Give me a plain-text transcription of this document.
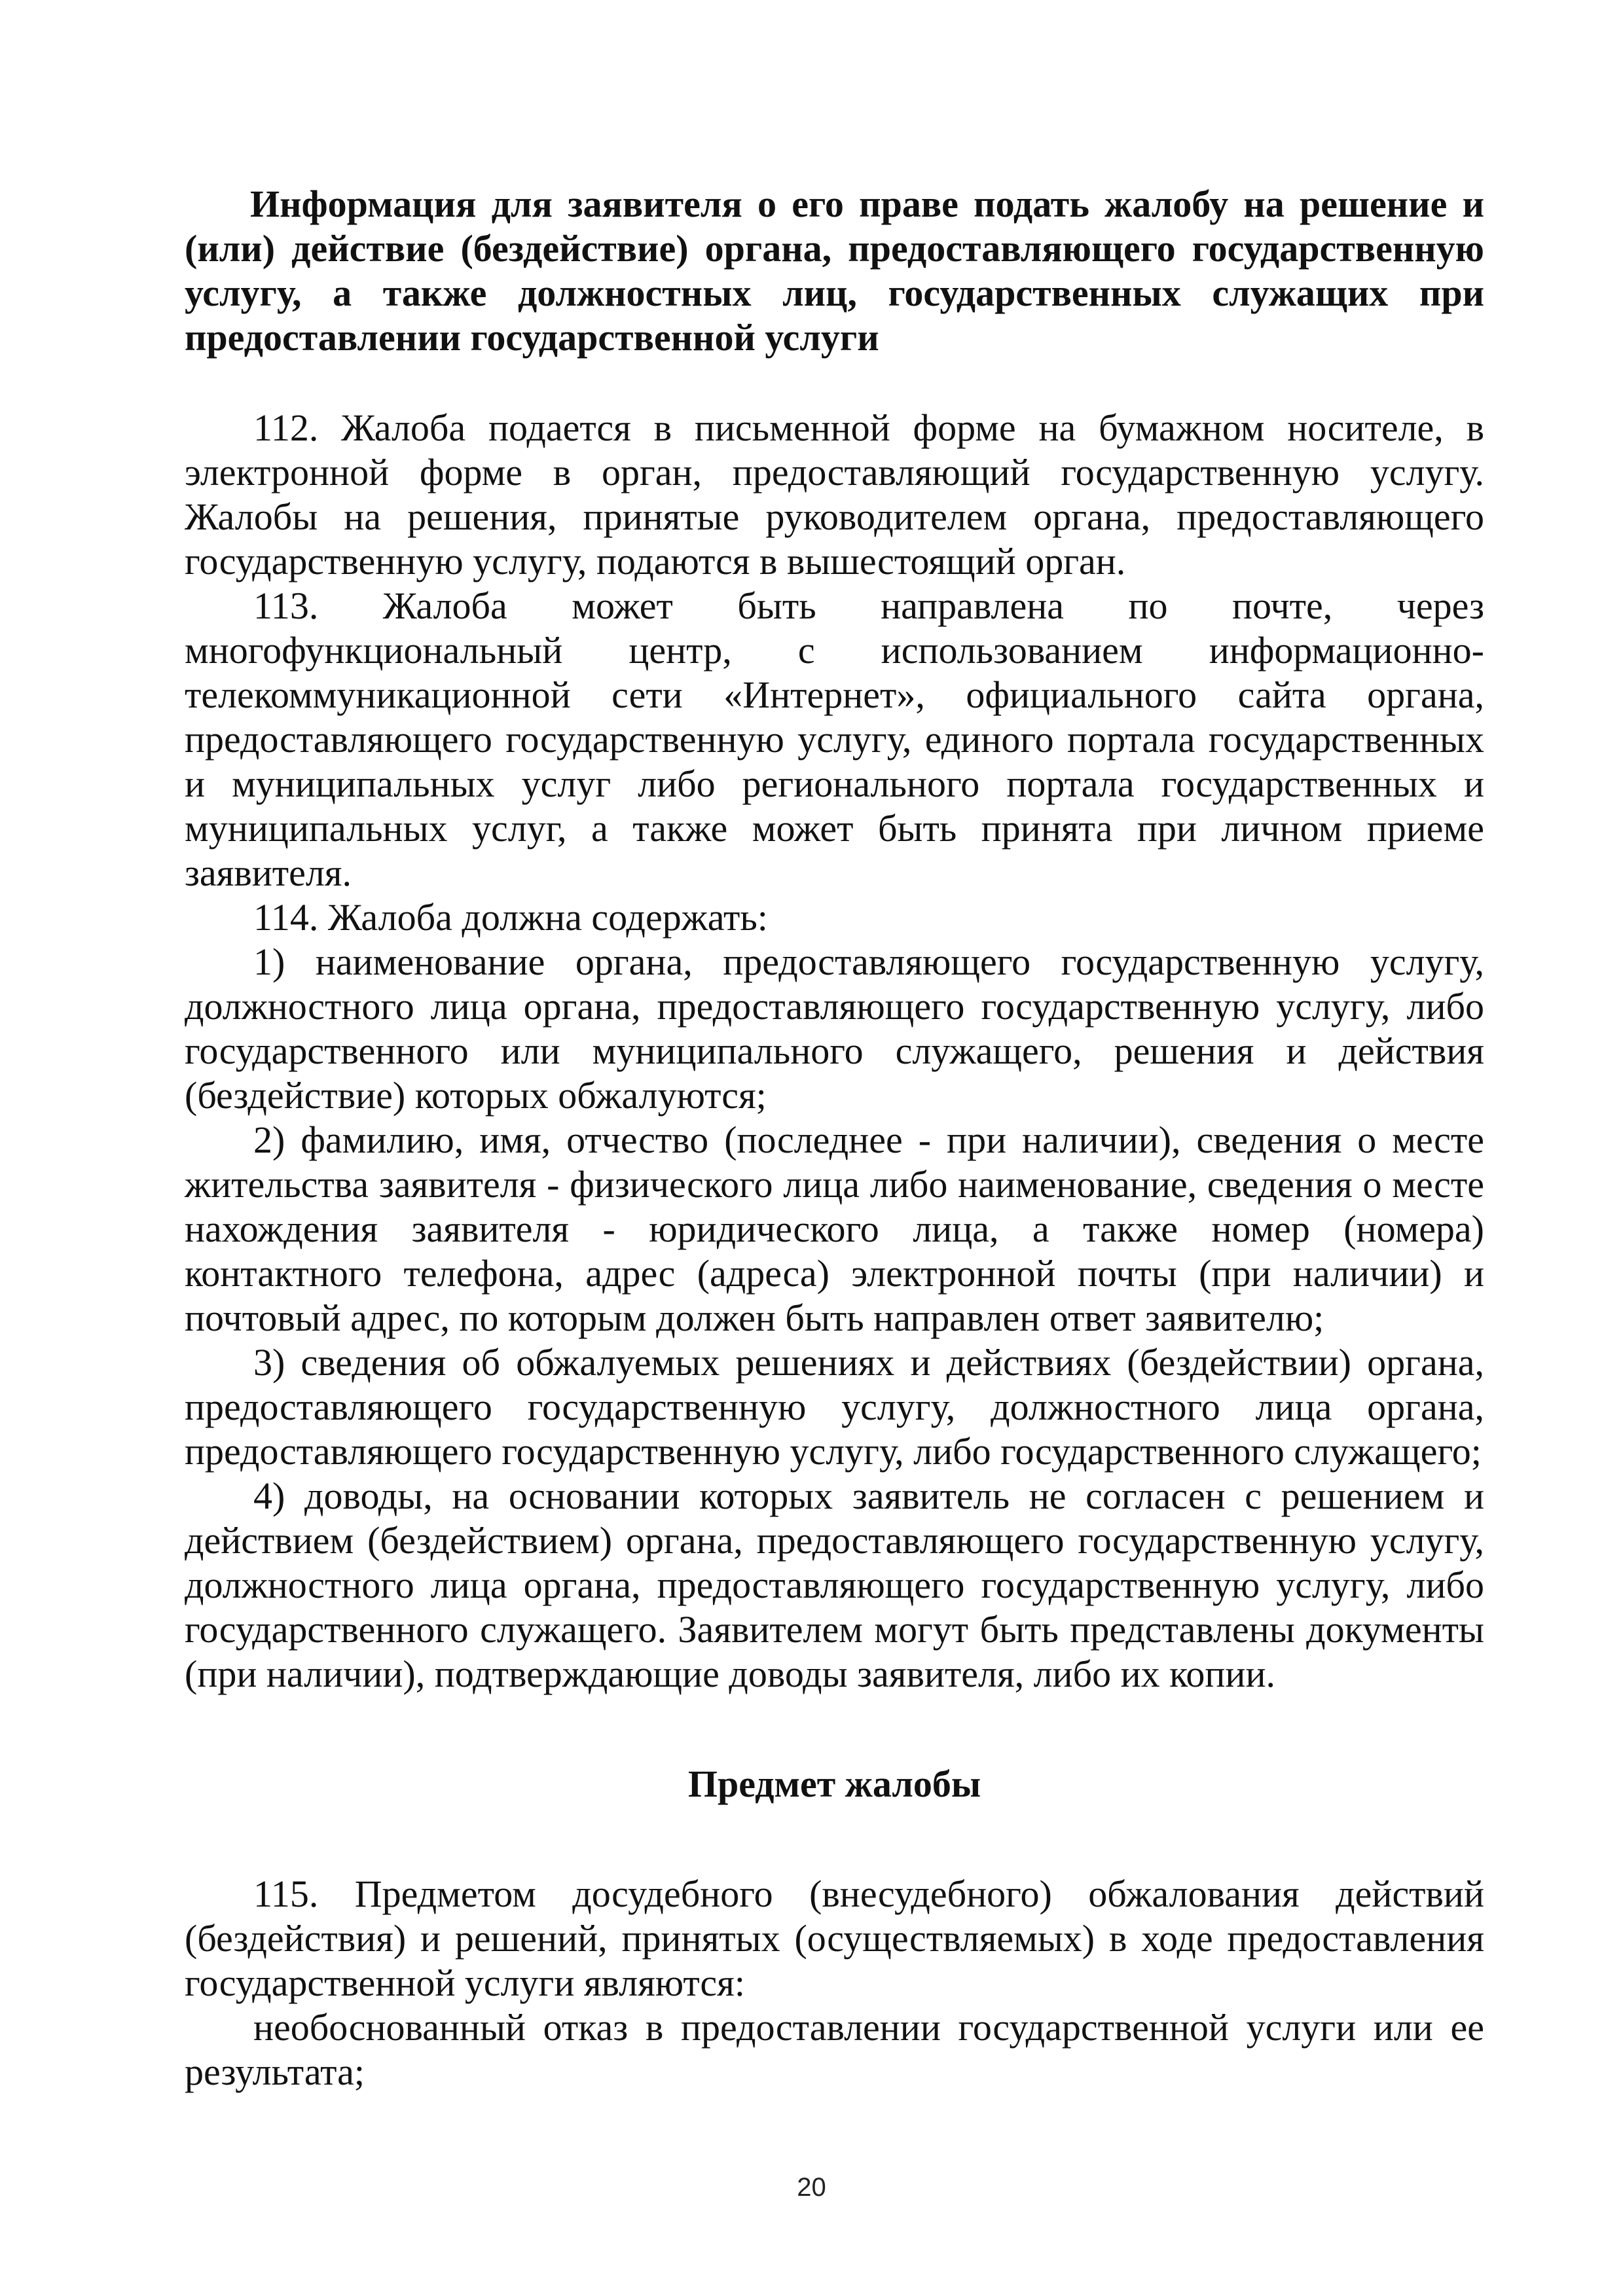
Информация для заявителя о его праве подать жалобу на решение и (или) действие (бездействие) органа, предоставляющего государственную услугу, а также должностных лиц, государственных служащих при предоставлении государственной услуги

112. Жалоба подается в письменной форме на бумажном носителе, в электронной форме в орган, предоставляющий государственную услугу. Жалобы на решения, принятые руководителем органа, предоставляющего государственную услугу, подаются в вышестоящий орган.

113. Жалоба может быть направлена по почте, через многофункциональный центр, с использованием информационно-телекоммуникационной сети «Интернет», официального сайта органа, предоставляющего государственную услугу, единого портала государственных и муниципальных услуг либо регионального портала государственных и муниципальных услуг, а также может быть принята при личном приеме заявителя.

114. Жалоба должна содержать:

1) наименование органа, предоставляющего государственную услугу, должностного лица органа, предоставляющего государственную услугу, либо государственного или муниципального служащего, решения и действия (бездействие) которых обжалуются;

2) фамилию, имя, отчество (последнее - при наличии), сведения о месте жительства заявителя - физического лица либо наименование, сведения о месте нахождения заявителя - юридического лица, а также номер (номера) контактного телефона, адрес (адреса) электронной почты (при наличии) и почтовый адрес, по которым должен быть направлен ответ заявителю;

3) сведения об обжалуемых решениях и действиях (бездействии) органа, предоставляющего государственную услугу, должностного лица органа, предоставляющего государственную услугу, либо государственного служащего;

4) доводы, на основании которых заявитель не согласен с решением и действием (бездействием) органа, предоставляющего государственную услугу, должностного лица органа, предоставляющего государственную услугу, либо государственного служащего. Заявителем могут быть представлены документы (при наличии), подтверждающие доводы заявителя, либо их копии.

Предмет жалобы

115. Предметом досудебного (внесудебного) обжалования действий (бездействия) и решений, принятых (осуществляемых) в ходе предоставления государственной услуги являются:

необоснованный отказ в предоставлении государственной услуги или ее результата;

20
